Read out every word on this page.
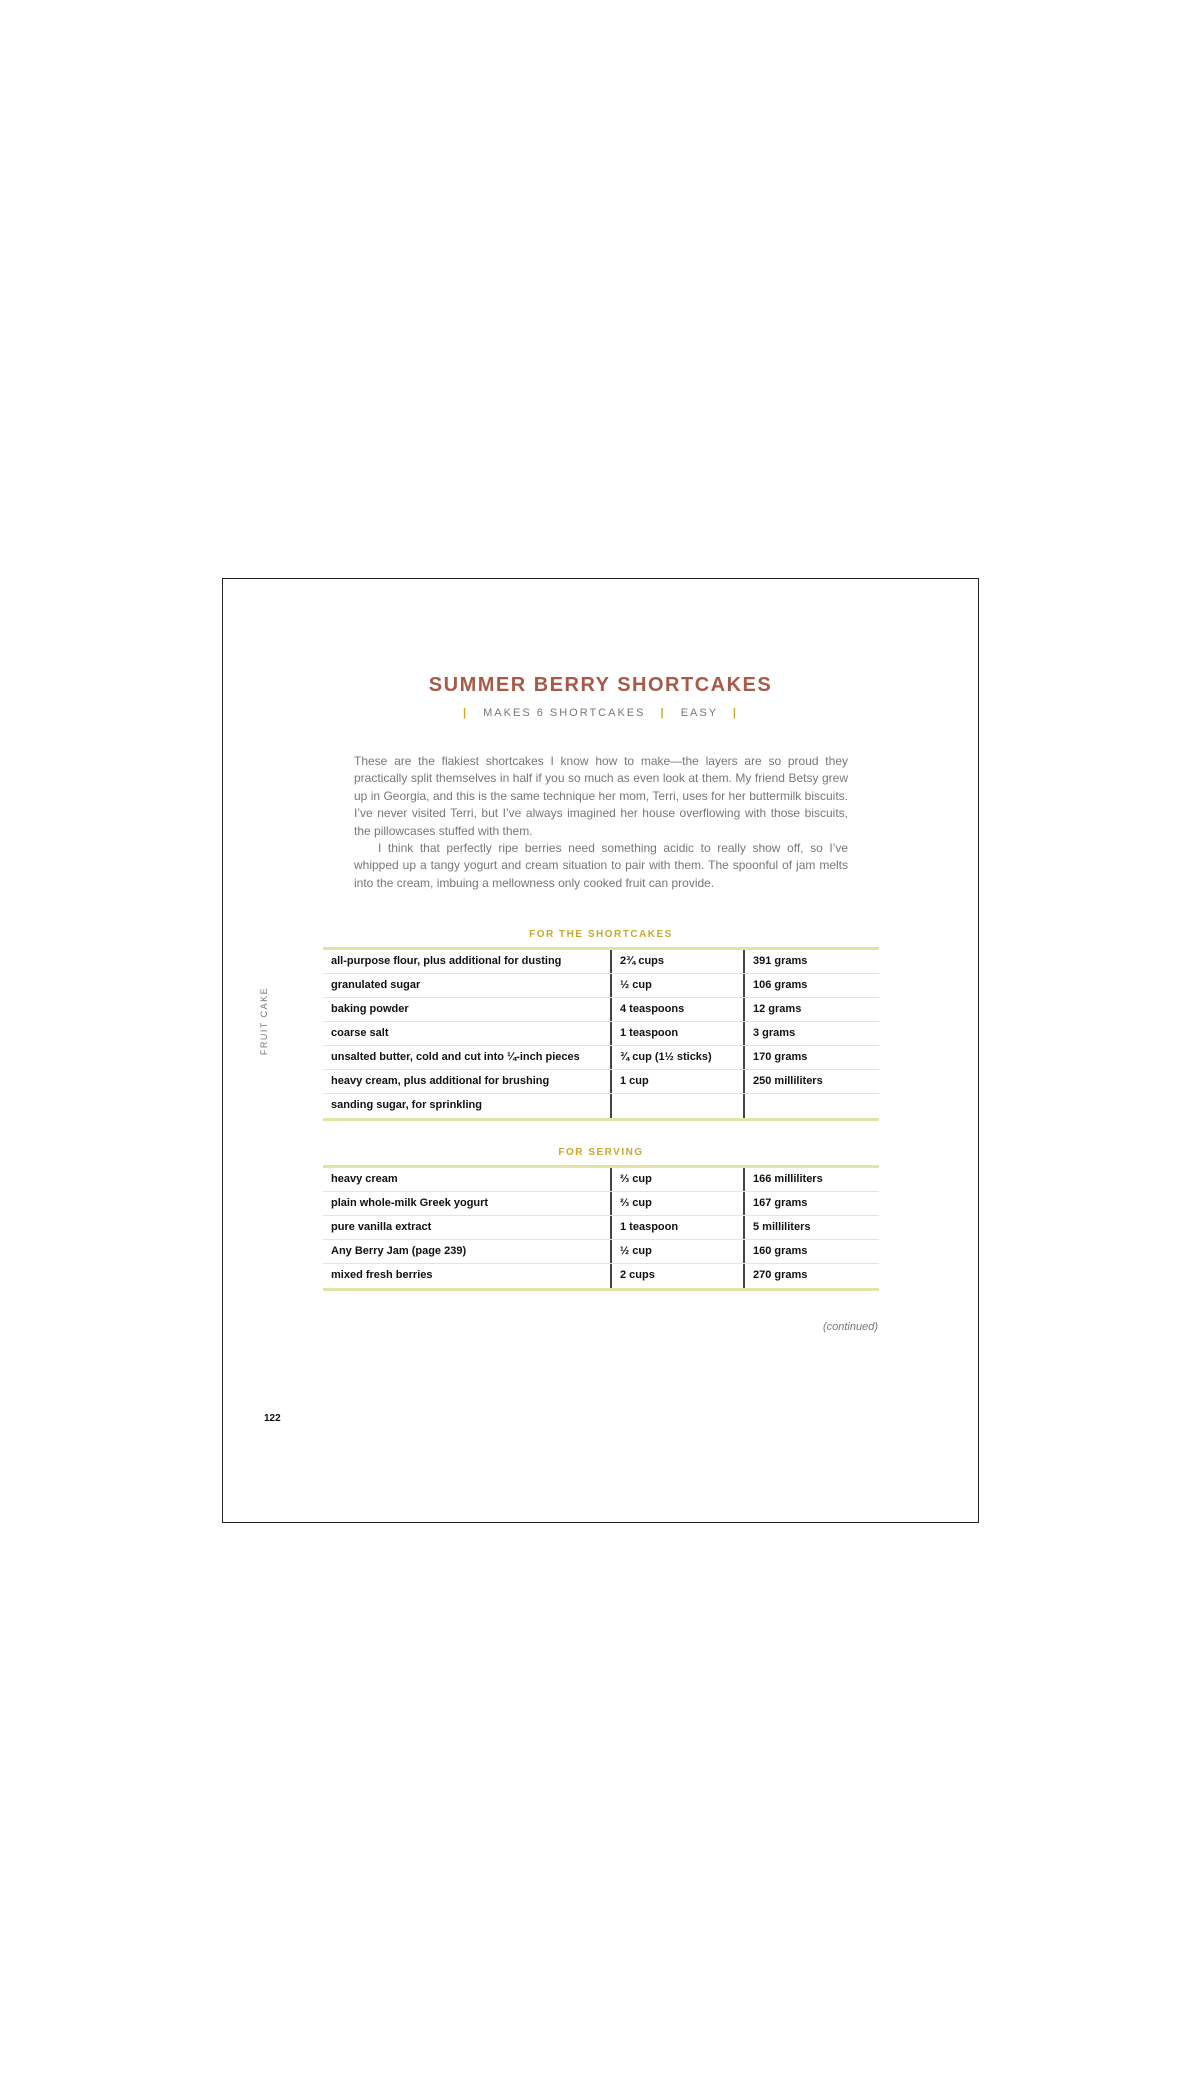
SUMMER BERRY SHORTCAKES
| MAKES 6 SHORTCAKES | EASY |

These are the flakiest shortcakes I know how to make—the layers are so proud they practically split themselves in half if you so much as even look at them. My friend Betsy grew up in Georgia, and this is the same technique her mom, Terri, uses for her buttermilk biscuits. I’ve never visited Terri, but I’ve always imagined her house overflowing with those biscuits, the pillowcases stuffed with them.

I think that perfectly ripe berries need something acidic to really show off, so I’ve whipped up a tangy yogurt and cream situation to pair with them. The spoonful of jam melts into the cream, imbuing a mellowness only cooked fruit can provide.

FRUIT CAKE
FOR THE SHORTCAKES
all-purpose flour, plus additional for dusting	2¾ cups	391 grams
granulated sugar	½ cup	106 grams
baking powder	4 teaspoons	12 grams
coarse salt	1 teaspoon	3 grams
unsalted butter, cold and cut into ¼-inch pieces	¾ cup (1½ sticks)	170 grams
heavy cream, plus additional for brushing	1 cup	250 milliliters
sanding sugar, for sprinkling
FOR SERVING
heavy cream	⅔ cup	166 milliliters
plain whole-milk Greek yogurt	⅔ cup	167 grams
pure vanilla extract	1 teaspoon	5 milliliters
Any Berry Jam (page 239)	½ cup	160 grams
mixed fresh berries	2 cups	270 grams
(continued)
122
